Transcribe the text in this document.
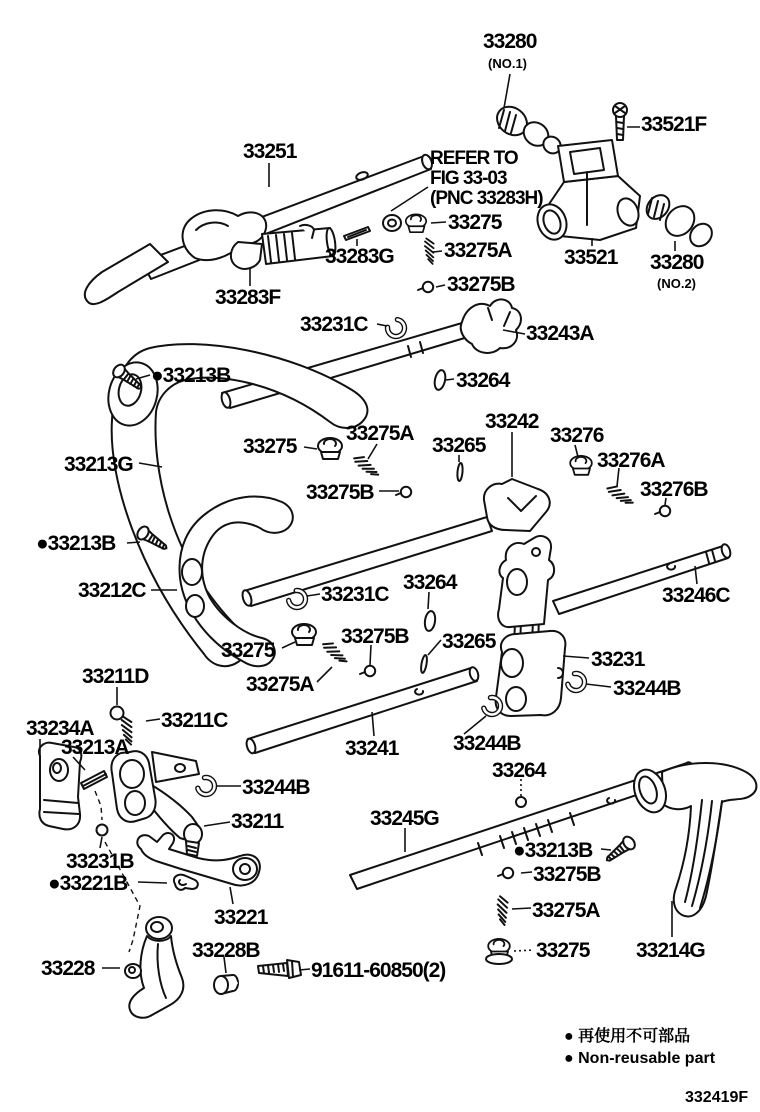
33280
(NO.1)
33521F
33251	REFER TO
FIG 33-03
(PNC 33283H)
33275
33283G 33275A 33521 33280
(NO.2)
33283F
33275B
33231C	33243A
●33213B	33264
33213G
33275
33275A
33265
33242
33276
33276A
33276B
33275B
●33213B
33212C	33231C
33264
33246C
33275
33275B 33265
33231
33275A	33244B
33211D
33211C
33234A
33213A	33241	33244B
33264
33244B
33211	33245G
●33213B
33275B
33231B
●33221B
33275A
33221
33228B	33275 33214G
33228	91611-60850(2)
● 再使用不可部品
● Non-reusable part
332419F
